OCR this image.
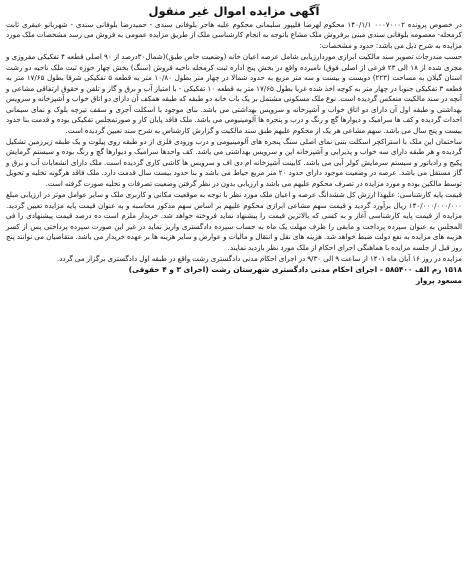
آگهی مزایده اموال غیر منقول

در خصوص پرونده ۰۰۰۷۰۰۰۲ ۱۴۰/۱/۱ محکوم لهرضا قلیپور سلیمانی محکوم علیه هاجر بلوفانی سندی - حمیدرضا بلوفانی سندی - شهربانو عبقری ثابت کرمحله- معصومه بلوفانی سندی مبنی برفروش ملک مشاع باتوجه به انجام کارشناسی ملک از طریق مزایده عمومی به فروش می رسد مشخصات ملک مورد مزایده به شرح ذیل می باشد: حدود و مشخصات:

حسب مندرجات تصویر سند مالکیت ابرازی موردارزیابی شامل عرصه اعیان خانه (وضعیت خاص طبق)(شمال۳۰درصد از ۹۰ اصلی قطعه ۴ تفکیکی مفروزی و مجزی شده از ۱۸ الی ۲۳ فرعی از اصلی فوق) نامبرده واقع در بخش پنج اداره ثبت کرمحله ناحیه فروش (سنگ) بخش چهار حوزه ثبت ملک ناحیه دو رشت استان گیلان به مساحت (۲۲۳) دویست و بیست و سه متر مربع به حدود شمالا در چهار متر بطول ۱۰/۸۰ متر به قطعه ۵ تفکیکی شرقا بطول ۱۷/۶۵ متر به قطعه ۳ تفکیکی جنوبا در چهار متر به کوچه اخذ شده غربا بطول ۱۷/۶۵ متر به قطعه ۱۰ تفکیکی - با امتیاز آب و برق و گاز و تلفن و حقوق ارتفاقی مشاعی و آنچه در سند مالکیت منعکس گردیده است. نوع ملک مسکونی مشتمل بر یک باب خانه دو طبقه که طبقه همکف آن دارای دو اتاق خواب و آشپزخانه و سرویس بهداشتی و طبقه اول آن دارای دو اتاق خواب و آشپزخانه و سرویس بهداشتی می باشد. بنای موجود با اسکلت آجری و سقف تیرچه بلوک و نمای سیمانی احداث گردیده و کف ها سرامیک و دیوارها گچ و رنگ و درب و پنجره ها آلومینیومی می باشد. ملک فاقد پایان کار و صورتمجلس تفکیکی بوده و قدمت بنا حدود بیست و پنج سال می باشد. سهم مشاعی هر یک از محکوم علیهم طبق سند مالکیت و گزارش کارشناس به شرح سند تعیین گردیده است.

ساختمان این ملک با استراکچر اسکلت بتنی نمای اصلی سنگ پنجره های آلومینیومی و درب ورودی فلزی از دو طبقه روی پیلوت و یک طبقه زیرزمین تشکیل گردیده و هر طبقه دارای سه خواب و پذیرایی و آشپزخانه اپن و سرویس بهداشتی می باشد. کف واحدها سرامیک و دیوارها گچ و رنگ بوده و سیستم گرمایش پکیج و رادیاتور و سیستم سرمایش کولر آبی می باشد. کابینت آشپزخانه ام دی اف و سرویس ها کاشی کاری گردیده است. ملک دارای انشعابات آب و برق و گاز مستقل می باشد. عرصه در وضعیت موجود دارای حدود ۲۰ متر مربع حیاط می باشد و بنا حدود بیست سال قدمت دارد. ملک فاقد هرگونه تخلیه و تحویل توسط مالکین بوده و مورد مزایده در تصرف محکوم علیهم می باشد و ارزیابی بدون در نظر گرفتن وضعیت تصرفات و تخلیه صورت گرفته است.

قیمت پایه کارشناسی: علیهذا ارزش کل ششدانگ عرصه و اعیان ملک مورد نظر با توجه به موقعیت مکانی و کاربری ملک و سایر عوامل موثر در ارزیابی مبلغ ۱۴۰/۰۰۰/۰۰۰/۰۰۰ ریال برآورد گردید و قیمت سهم مشاعی ابرازی محکوم علیهم بر اساس سهم مذکور محاسبه و به عنوان قیمت پایه مزایده تعیین گردید. مزایده از قیمت پایه کارشناسی آغاز و به کسی که بالاترین قیمت را پیشنهاد نماید فروخته خواهد شد. خریدار ملزم است ده درصد قیمت پیشنهادی را فی المجلس به عنوان سپرده پرداخت و مابقی را ظرف مهلت یک ماه به حساب سپرده دادگستری واریز نماید در غیر این صورت سپرده پرداختی پس از کسر هزینه های مزایده به نفع دولت ضبط خواهد شد. هزینه های نقل و انتقال و مالیات و عوارض و سایر هزینه ها بر عهده خریدار می باشد. متقاضیان می توانند پنج روز قبل از جلسه مزایده با هماهنگی اجرای احکام از ملک مورد نظر بازدید نمایند.

مزایده در روز ۱۶ آبان ماه ۱۴۰۱ از ساعت ۹ الی ۹/۳۰ در اجرای احکام مدنی دادگستری رشت واقع در طبقه اول دادگستری برگزار می گردد.

۱۵۱۸ رم الف ۵۸۵۴۰۰ - اجرای احکام مدنی دادگستری شهرستان رشت (اجرای ۳ و ۴ حقوقی)
مسعود پروار
